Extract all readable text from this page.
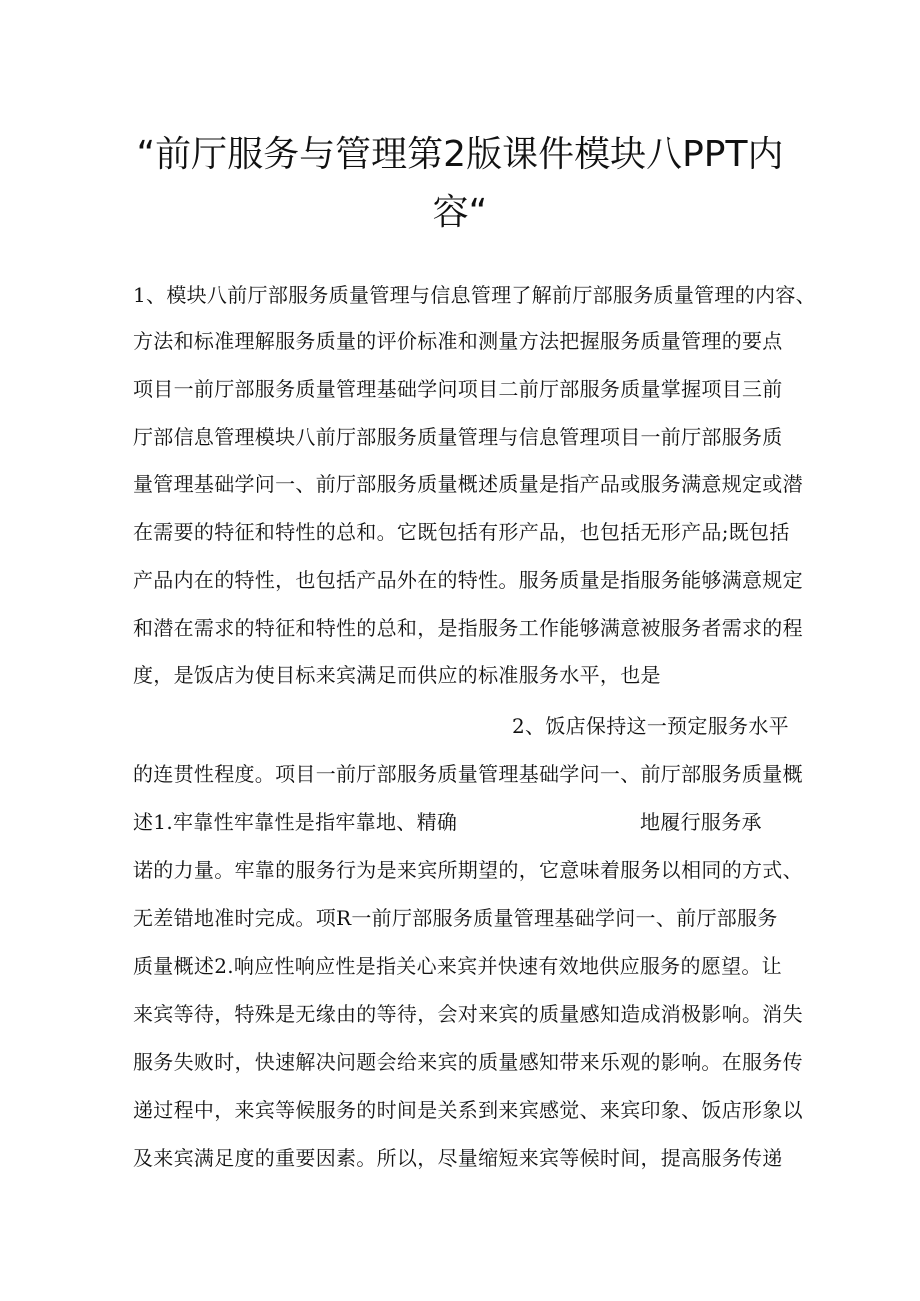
“前厅服务与管理第2版课件模块八PPT内
容“
1、模块八前厅部服务质量管理与信息管理了解前厅部服务质量管理的内容、
方法和标准理解服务质量的评价标准和测量方法把握服务质量管理的要点
项目一前厅部服务质量管理基础学问项目二前厅部服务质量掌握项目三前
厅部信息管理模块八前厅部服务质量管理与信息管理项目一前厅部服务质
量管理基础学问一、前厅部服务质量概述质量是指产品或服务满意规定或潜
在需要的特征和特性的总和。它既包括有形产品，也包括无形产品;既包括
产品内在的特性，也包括产品外在的特性。服务质量是指服务能够满意规定
和潜在需求的特征和特性的总和，是指服务工作能够满意被服务者需求的程
度，是饭店为使目标来宾满足而供应的标准服务水平，也是
2、饭店保持这一预定服务水平
的连贯性程度。项目一前厅部服务质量管理基础学问一、前厅部服务质量概
述1.牢靠性牢靠性是指牢靠地、精确	地履行服务承
诺的力量。牢靠的服务行为是来宾所期望的，它意味着服务以相同的方式、
无差错地准时完成。项R一前厅部服务质量管理基础学问一、前厅部服务
质量概述2.响应性响应性是指关心来宾并快速有效地供应服务的愿望。让
来宾等待，特殊是无缘由的等待，会对来宾的质量感知造成消极影响。消失
服务失败时，快速解决问题会给来宾的质量感知带来乐观的影响。在服务传
递过程中，来宾等候服务的时间是关系到来宾感觉、来宾印象、饭店形象以
及来宾满足度的重要因素。所以，尽量缩短来宾等候时间，提高服务传递
